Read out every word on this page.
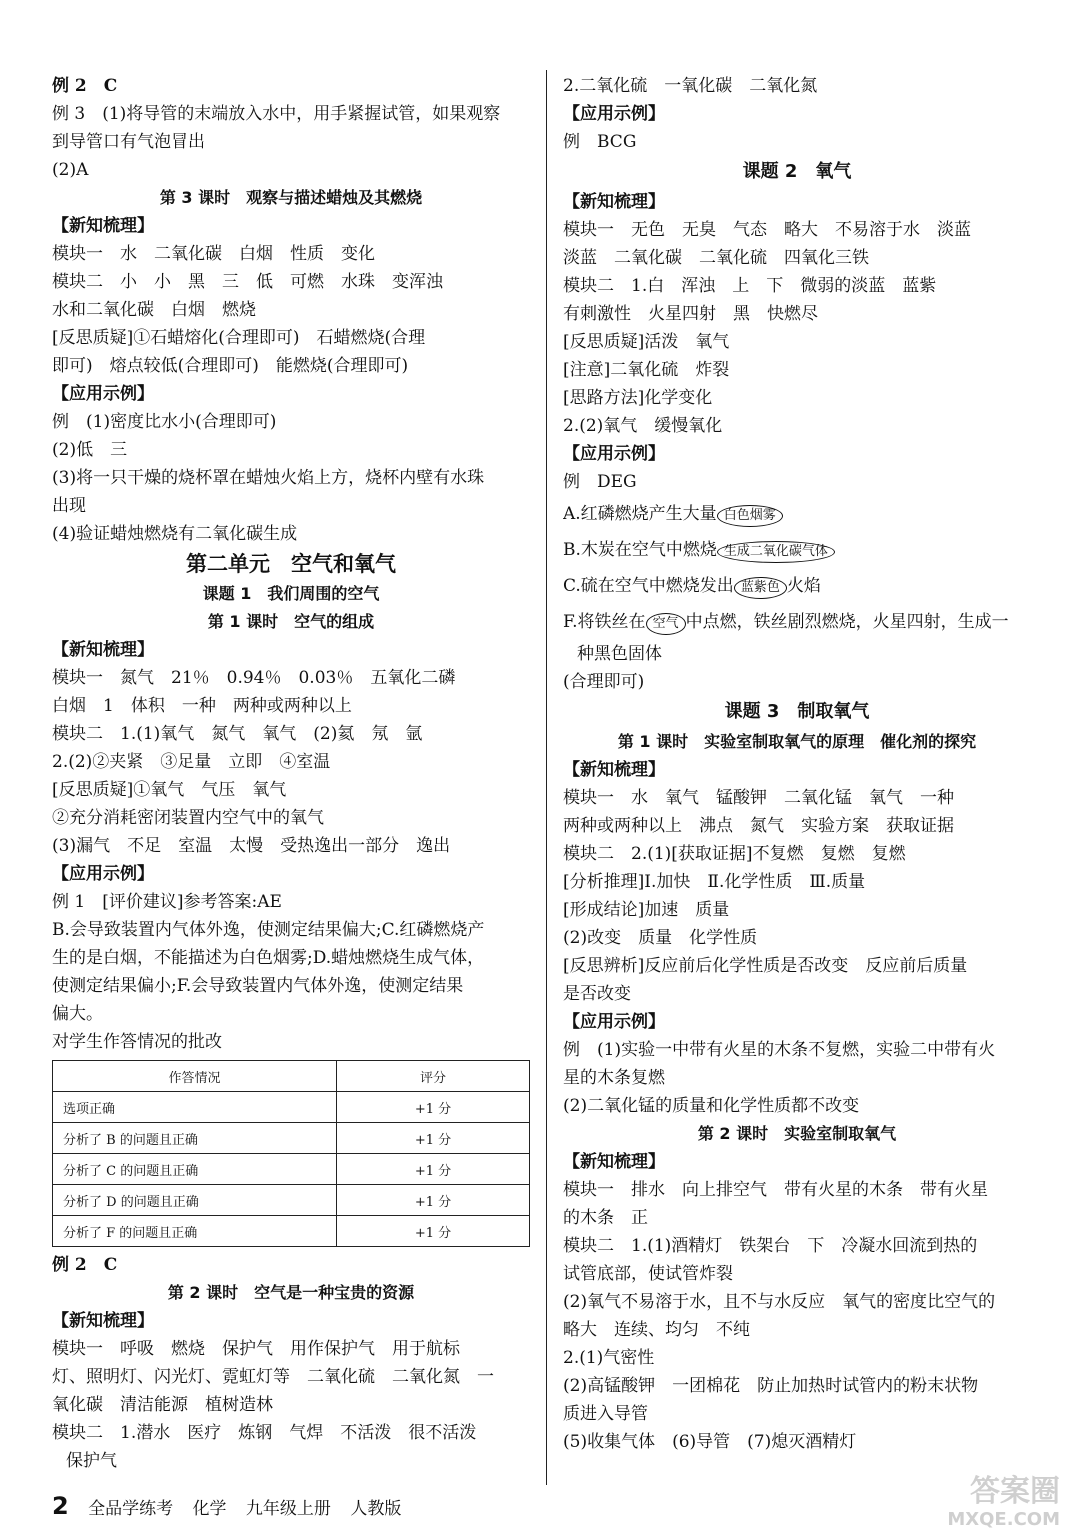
例 2　C
例 3　(1)将导管的末端放入水中，用手紧握试管，如果观察
到导管口有气泡冒出
(2)A
第 3 课时　观察与描述蜡烛及其燃烧
【新知梳理】
模块一　水　二氧化碳　白烟　性质　变化
模块二　小　小　黑　三　低　可燃　水珠　变浑浊
水和二氧化碳　白烟　燃烧
[反思质疑]①石蜡熔化(合理即可)　石蜡燃烧(合理
即可)　熔点较低(合理即可)　能燃烧(合理即可)
【应用示例】
例　(1)密度比水小(合理即可)
(2)低　三
(3)将一只干燥的烧杯罩在蜡烛火焰上方，烧杯内壁有水珠
出现
(4)验证蜡烛燃烧有二氧化碳生成
第二单元　空气和氧气
课题 1　我们周围的空气
第 1 课时　空气的组成
【新知梳理】
模块一　氮气　21％　0.94％　0.03％　五氧化二磷
白烟　1　体积　一种　两种或两种以上
模块二　1.(1)氧气　氮气　氧气　(2)氦　氖　氩
2.(2)②夹紧　③足量　立即　④室温
[反思质疑]①氧气　气压　氧气
②充分消耗密闭装置内空气中的氧气
(3)漏气　不足　室温　太慢　受热逸出一部分　逸出
【应用示例】
例 1　[评价建议]参考答案:AE
B.会导致装置内气体外逸，使测定结果偏大;C.红磷燃烧产
生的是白烟，不能描述为白色烟雾;D.蜡烛燃烧生成气体，
使测定结果偏小;F.会导致装置内气体外逸，使测定结果
偏大。
对学生作答情况的批改
作答情况	评分
选项正确	+1 分
分析了 B 的问题且正确	+1 分
分析了 C 的问题且正确	+1 分
分析了 D 的问题且正确	+1 分
分析了 F 的问题且正确	+1 分
例 2　C
第 2 课时　空气是一种宝贵的资源
【新知梳理】
模块一　呼吸　燃烧　保护气　用作保护气　用于航标
灯、照明灯、闪光灯、霓虹灯等　二氧化硫　二氧化氮　一
氧化碳　清洁能源　植树造林
模块二　1.潜水　医疗　炼钢　气焊　不活泼　很不活泼
保护气
2.二氧化硫　一氧化碳　二氧化氮
【应用示例】
例　BCG
课题 2　氧气
【新知梳理】
模块一　无色　无臭　气态　略大　不易溶于水　淡蓝
淡蓝　二氧化碳　二氧化硫　四氧化三铁
模块二　1.白　浑浊　上　下　微弱的淡蓝　蓝紫
有刺激性　火星四射　黑　快燃尽
[反思质疑]活泼　氧气
[注意]二氧化硫　炸裂
[思路方法]化学变化
2.(2)氧气　缓慢氧化
【应用示例】
例　DEG
A.红磷燃烧产生大量 白色烟雾
B.木炭在空气中燃烧 生成二氧化碳气体
C.硫在空气中燃烧发出 蓝紫色 火焰
F.将铁丝在 空气 中点燃，铁丝剧烈燃烧，火星四射，生成一
种黑色固体
(合理即可)
课题 3　制取氧气
第 1 课时　实验室制取氧气的原理　催化剂的探究
【新知梳理】
模块一　水　氧气　锰酸钾　二氧化锰　氧气　一种
两种或两种以上　沸点　氮气　实验方案　获取证据
模块二　2.(1)[获取证据]不复燃　复燃　复燃
[分析推理]Ⅰ.加快　Ⅱ.化学性质　Ⅲ.质量
[形成结论]加速　质量
(2)改变　质量　化学性质
[反思辨析]反应前后化学性质是否改变　反应前后质量
是否改变
【应用示例】
例　(1)实验一中带有火星的木条不复燃，实验二中带有火
星的木条复燃
(2)二氧化锰的质量和化学性质都不改变
第 2 课时　实验室制取氧气
【新知梳理】
模块一　排水　向上排空气　带有火星的木条　带有火星
的木条　正
模块二　1.(1)酒精灯　铁架台　下　冷凝水回流到热的
试管底部，使试管炸裂
(2)氧气不易溶于水，且不与水反应　氧气的密度比空气的
略大　连续、均匀　不纯
2.(1)气密性
(2)高锰酸钾　一团棉花　防止加热时试管内的粉末状物
质进入导管
(5)收集气体　(6)导管　(7)熄灭酒精灯
2 全品学练考 化学 九年级上册 人教版	答案圈
MXQE.COM
